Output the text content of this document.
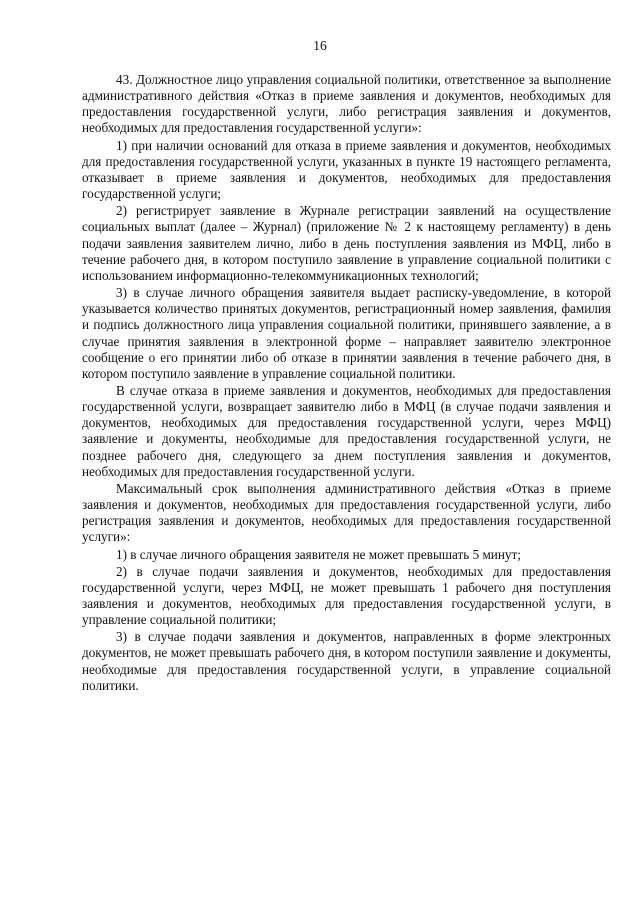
16

43. Должностное лицо управления социальной политики, ответственное за выполнение административного действия «Отказ в приеме заявления и документов, необходимых для предоставления государственной услуги, либо регистрация заявления и документов, необходимых для предоставления государственной услуги»:

1) при наличии оснований для отказа в приеме заявления и документов, необходимых для предоставления государственной услуги, указанных в пункте 19 настоящего регламента, отказывает в приеме заявления и документов, необходимых для предоставления государственной услуги;

2) регистрирует заявление в Журнале регистрации заявлений на осуществление социальных выплат (далее – Журнал) (приложение № 2 к настоящему регламенту) в день подачи заявления заявителем лично, либо в день поступления заявления из МФЦ, либо в течение рабочего дня, в котором поступило заявление в управление социальной политики с использованием информационно-телекоммуникационных технологий;

3) в случае личного обращения заявителя выдает расписку-уведомление, в которой указывается количество принятых документов, регистрационный номер заявления, фамилия и подпись должностного лица управления социальной политики, принявшего заявление, а в случае принятия заявления в электронной форме – направляет заявителю электронное сообщение о его принятии либо об отказе в принятии заявления в течение рабочего дня, в котором поступило заявление в управление социальной политики.

В случае отказа в приеме заявления и документов, необходимых для предоставления государственной услуги, возвращает заявителю либо в МФЦ (в случае подачи заявления и документов, необходимых для предоставления государственной услуги, через МФЦ) заявление и документы, необходимые для предоставления государственной услуги, не позднее рабочего дня, следующего за днем поступления заявления и документов, необходимых для предоставления государственной услуги.

Максимальный срок выполнения административного действия «Отказ в приеме заявления и документов, необходимых для предоставления государственной услуги, либо регистрация заявления и документов, необходимых для предоставления государственной услуги»:

1) в случае личного обращения заявителя не может превышать 5 минут;

2) в случае подачи заявления и документов, необходимых для предоставления государственной услуги, через МФЦ, не может превышать 1 рабочего дня поступления заявления и документов, необходимых для предоставления государственной услуги, в управление социальной политики;

3) в случае подачи заявления и документов, направленных в форме электронных документов, не может превышать рабочего дня, в котором поступили заявление и документы, необходимые для предоставления государственной услуги, в управление социальной политики.
